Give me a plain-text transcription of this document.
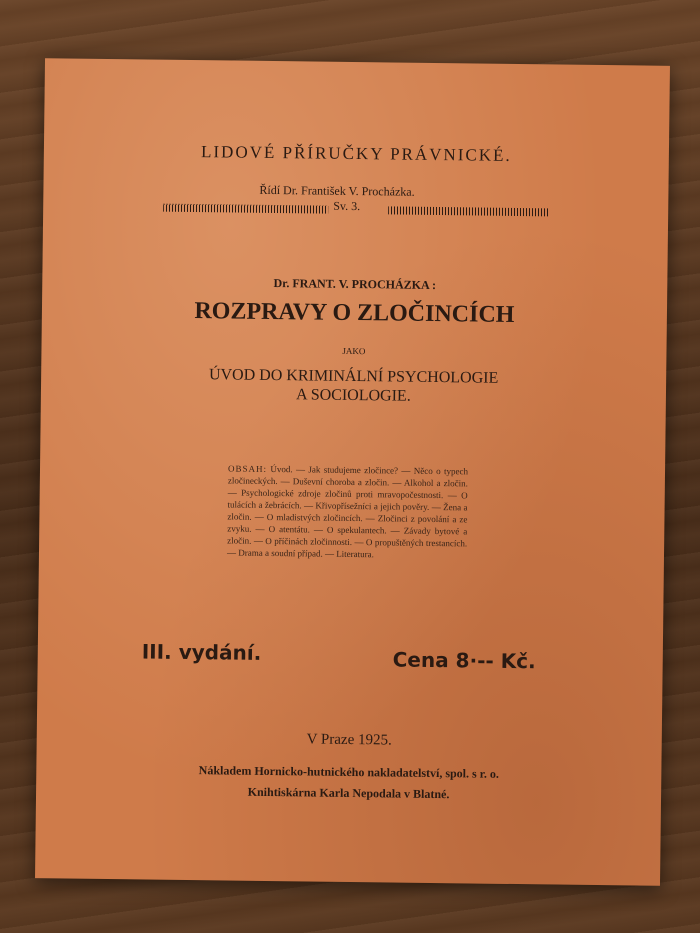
LIDOVÉ PŘÍRUČKY PRÁVNICKÉ.
Řídí Dr. František V. Procházka.
Sv. 3.
Dr. FRANT. V. PROCHÁZKA :
ROZPRAVY O ZLOČINCÍCH
JAKO
ÚVOD DO KRIMINÁLNÍ PSYCHOLOGIE
A SOCIOLOGIE.
OBSAH: Úvod. — Jak studujeme zločince? — Něco o typech zločineckých. — Duševní choroba a zločin. — Alkohol a zločin. — Psychologické zdroje zločinů proti mravopočestnosti. — O tulácích a žebrácích. — Křivopřísežníci a jejich pověry. — Žena a zločin. — O mladistvých zločincích. — Zločinci z povolání a ze zvyku. — O atentátu. — O spekulantech. — Závady bytové a zločin. — O příčinách zločinnosti. — O propuštěných trestancích. — Drama a soudní případ. — Literatura.
III. vydání.	Cena 8·-- Kč.
V Praze 1925.
Nákladem Hornicko-hutnického nakladatelství, spol. s r. o.
Knihtiskárna Karla Nepodala v Blatné.
